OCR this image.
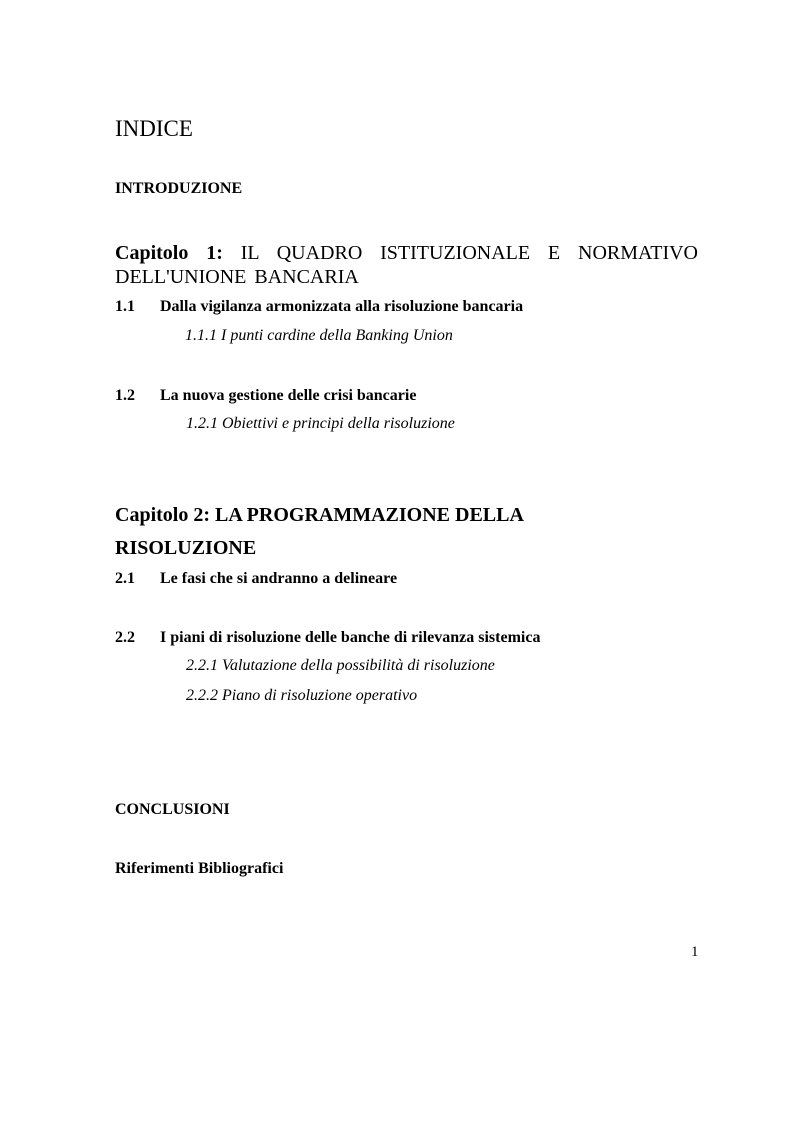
INDICE
INTRODUZIONE
Capitolo 1: IL QUADRO ISTITUZIONALE E NORMATIVO DELL'UNIONE BANCARIA
1.1 Dalla vigilanza armonizzata alla risoluzione bancaria
1.1.1 I punti cardine della Banking Union
1.2 La nuova gestione delle crisi bancarie
1.2.1 Obiettivi e principi della risoluzione
Capitolo 2: LA PROGRAMMAZIONE DELLA
RISOLUZIONE
2.1 Le fasi che si andranno a delineare
2.2 I piani di risoluzione delle banche di rilevanza sistemica
2.2.1 Valutazione della possibilità di risoluzione
2.2.2 Piano di risoluzione operativo
CONCLUSIONI
Riferimenti Bibliografici
1
